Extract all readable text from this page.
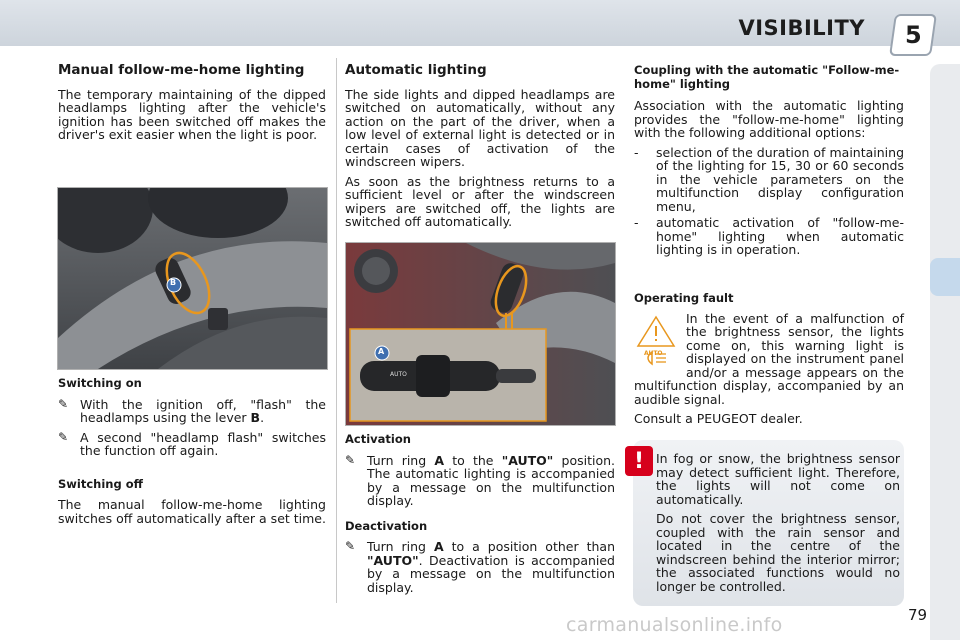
VISIBILITY 5
Manual follow-me-home lighting

The temporary maintaining of the dipped headlamps lighting after the vehicle's ignition has been switched off makes the driver's exit easier when the light is poor.

B
Switching on
✎ With the ignition off, "flash" the headlamps using the lever B.
✎ A second "headlamp flash" switches the function off again.
Switching off

The manual follow-me-home lighting switches off automatically after a set time.

Automatic lighting

The side lights and dipped headlamps are switched on automatically, without any action on the part of the driver, when a low level of external light is detected or in certain cases of activation of the windscreen wipers.

As soon as the brightness returns to a sufficient level or after the windscreen wipers are switched off, the lights are switched off automatically.

A
AUTO
Activation
✎ Turn ring A to the "AUTO" position. The automatic lighting is accompanied by a message on the multifunction display.
Deactivation
✎ Turn ring A to a position other than "AUTO". Deactivation is accompanied by a message on the multifunction display.
Coupling with the automatic "Follow-me-home" lighting

Association with the automatic lighting provides the "follow-me-home" lighting with the following additional options:

-	selection of the duration of maintaining of the lighting for 15, 30 or 60 seconds in the vehicle parameters on the multifunction display configuration menu,
-	automatic activation of "follow-me-home" lighting when automatic lighting is in operation.
Operating fault
AUTO

In the event of a malfunction of the brightness sensor, the lights come on, this warning light is displayed on the instrument panel and/or a message appears on the multifunction display, accompanied by an audible signal.

Consult a PEUGEOT dealer.

! In fog or snow, the brightness sensor may detect sufficient light. Therefore, the lights will not come on automatically.

Do not cover the brightness sensor, coupled with the rain sensor and located in the centre of the windscreen behind the interior mirror; the associated functions would no longer be controlled.

carmanualsonline.info	79
